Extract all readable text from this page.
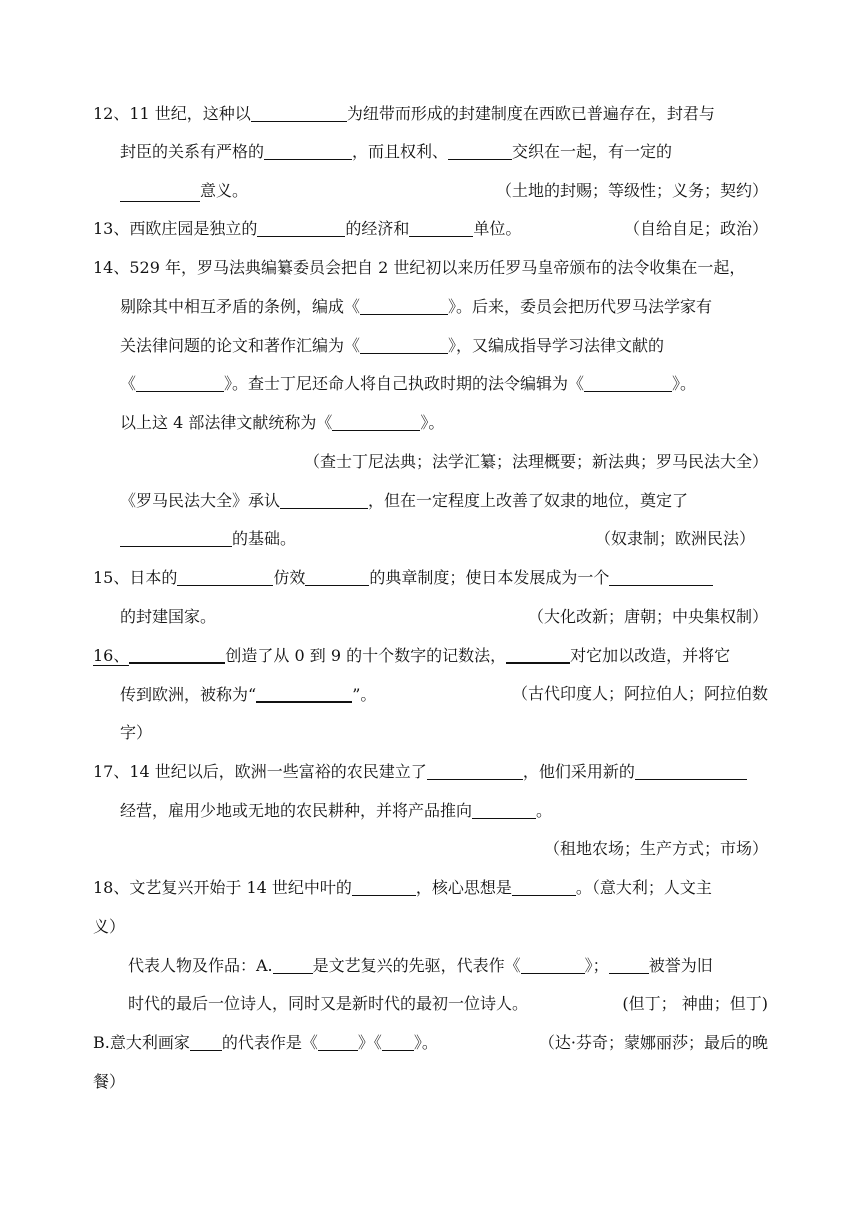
12、11 世纪，这种以	为纽带而形成的封建制度在西欧已普遍存在，封君与
封臣的关系有严格的	，而且权利、	交织在一起，有一定的
意义。	（土地的封赐；等级性；义务；契约）
13、西欧庄园是独立的	的经济和	单位。	（自给自足；政治）
14、529 年，罗马法典编纂委员会把自 2 世纪初以来历任罗马皇帝颁布的法令收集在一起，
剔除其中相互矛盾的条例，编成《	》。后来，委员会把历代罗马法学家有
关法律问题的论文和著作汇编为《	》，又编成指导学习法律文献的
《	》。查士丁尼还命人将自己执政时期的法令编辑为《	》。
以上这 4 部法律文献统称为《	》。
（查士丁尼法典；法学汇纂；法理概要；新法典；罗马民法大全）
《罗马民法大全》承认	，但在一定程度上改善了奴隶的地位，奠定了
的基础。	（奴隶制；欧洲民法）
15、日本的	仿效	的典章制度；使日本发展成为一个
的封建国家。	（大化改新；唐朝；中央集权制）
16、	创造了从 0 到 9 的十个数字的记数法，	对它加以改造，并将它
传到欧洲，被称为“	”。	（古代印度人；阿拉伯人；阿拉伯数
字）
17、14 世纪以后，欧洲一些富裕的农民建立了	，他们采用新的
经营，雇用少地或无地的农民耕种，并将产品推向	。
（租地农场；生产方式；市场）
18、文艺复兴开始于 14 世纪中叶的	，核心思想是	。（意大利；人文主
义）
代表人物及作品：A.	是文艺复兴的先驱，代表作《	》；	被誉为旧
时代的最后一位诗人，同时又是新时代的最初一位诗人。	(但丁； 神曲；但丁)
B.意大利画家 的代表作是《	》《 》。	（达·芬奇；蒙娜丽莎；最后的晚
餐）
